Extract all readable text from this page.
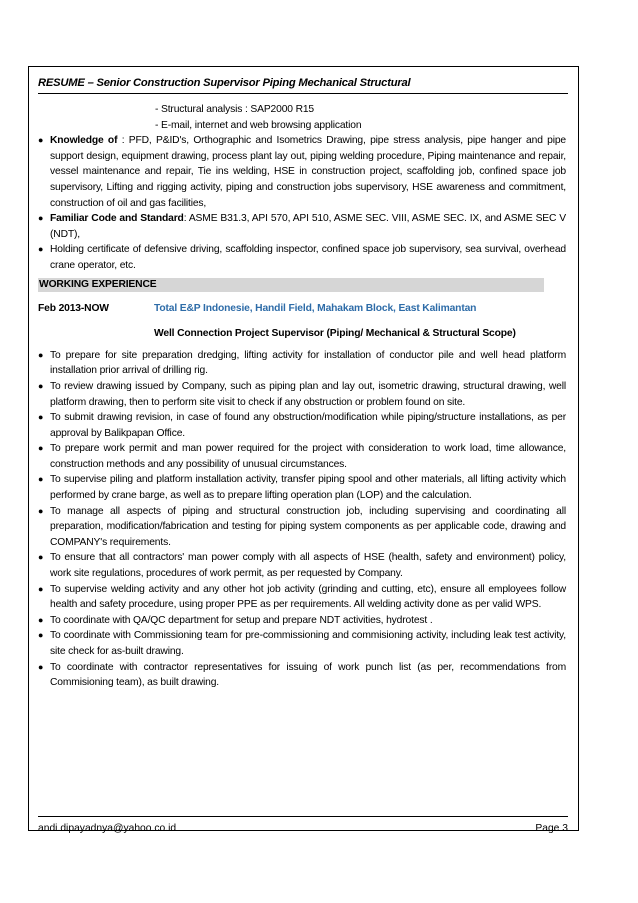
RESUME – Senior Construction Supervisor Piping Mechanical Structural
- Structural analysis : SAP2000 R15
- E-mail, internet and web browsing application
● Knowledge of : PFD, P&ID's, Orthographic and Isometrics Drawing, pipe stress analysis, pipe hanger and pipe support design, equipment drawing, process plant lay out, piping welding procedure, Piping maintenance and repair, vessel maintenance and repair, Tie ins welding, HSE in construction project, scaffolding job, confined space job supervisory, Lifting and rigging activity, piping and construction jobs supervisory, HSE awareness and commitment, construction of oil and gas facilities,
● Familiar Code and Standard: ASME B31.3, API 570, API 510, ASME SEC. VIII, ASME SEC. IX, and ASME SEC V (NDT),
● Holding certificate of defensive driving, scaffolding inspector, confined space job supervisory, sea survival, overhead crane operator, etc.
WORKING EXPERIENCE
Feb 2013-NOW	Total E&P Indonesie, Handil Field, Mahakam Block, East Kalimantan
Well Connection Project Supervisor (Piping/ Mechanical & Structural Scope)
● To prepare for site preparation dredging, lifting activity for installation of conductor pile and well head platform installation prior arrival of drilling rig.
● To review drawing issued by Company, such as piping plan and lay out, isometric drawing, structural drawing, well platform drawing, then to perform site visit to check if any obstruction or problem found on site.
● To submit drawing revision, in case of found any obstruction/modification while piping/structure installations, as per approval by Balikpapan Office.
● To prepare work permit and man power required for the project with consideration to work load, time allowance, construction methods and any possibility of unusual circumstances.
● To supervise piling and platform installation activity, transfer piping spool and other materials, all lifting activity which performed by crane barge, as well as to prepare lifting operation plan (LOP) and the calculation.
● To manage all aspects of piping and structural construction job, including supervising and coordinating all preparation, modification/fabrication and testing for piping system components as per applicable code, drawing and COMPANY's requirements.
● To ensure that all contractors' man power comply with all aspects of HSE (health, safety and environment) policy, work site regulations, procedures of work permit, as per requested by Company.
● To supervise welding activity and any other hot job activity (grinding and cutting, etc), ensure all employees follow health and safety procedure, using proper PPE as per requirements. All welding activity done as per valid WPS.
● To coordinate with QA/QC department for setup and prepare NDT activities, hydrotest .
● To coordinate with Commissioning team for pre-commissioning and commisioning activity, including leak test activity, site check for as-built drawing.
● To coordinate with contractor representatives for issuing of work punch list (as per, recommendations from Commisioning team), as built drawing.
andi.dipayadnya@yahoo.co.id	Page 3
